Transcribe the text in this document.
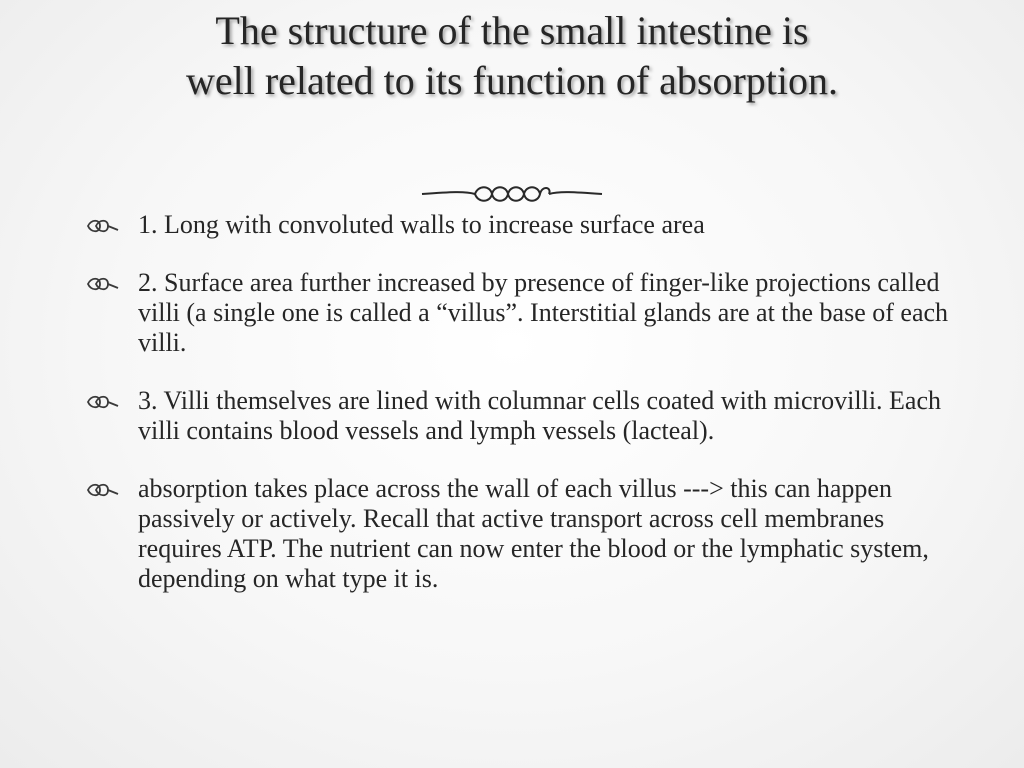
The structure of the small intestine is
well related to its function of absorption.
1. Long with convoluted walls to increase surface area
2. Surface area further increased by presence of finger-like projections called villi (a single one is called a “villus”. Interstitial glands are at the base of each villi.
3. Villi themselves are lined with columnar cells coated with microvilli. Each villi contains blood vessels and lymph vessels (lacteal).
absorption takes place across the wall of each villus ---> this can happen passively or actively. Recall that active transport across cell membranes requires ATP. The nutrient can now enter the blood or the lymphatic system, depending on what type it is.
